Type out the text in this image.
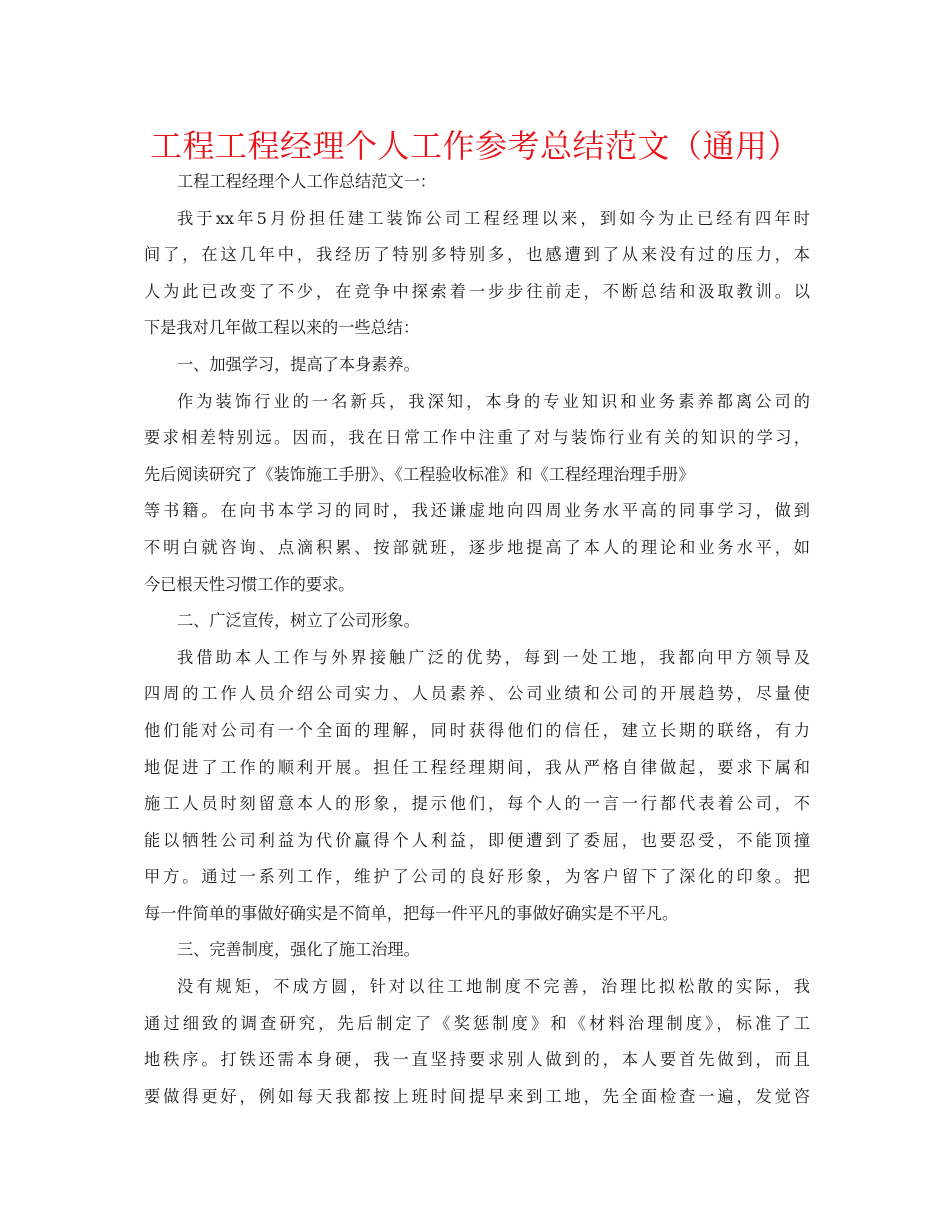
工程工程经理个人工作参考总结范文（通用）
工程工程经理个人工作总结范文一：
我于xx年5月份担任建工装饰公司工程经理以来，到如今为止已经有四年时
间了，在这几年中，我经历了特别多特别多，也感遭到了从来没有过的压力，本
人为此已改变了不少，在竞争中探索着一步步往前走，不断总结和汲取教训。以
下是我对几年做工程以来的一些总结：
一、加强学习，提高了本身素养。
作为装饰行业的一名新兵，我深知，本身的专业知识和业务素养都离公司的
要求相差特别远。因而，我在日常工作中注重了对与装饰行业有关的知识的学习，
先后阅读研究了《装饰施工手册》、《工程验收标准》和《工程经理治理手册》
等书籍。在向书本学习的同时，我还谦虚地向四周业务水平高的同事学习，做到
不明白就咨询、点滴积累、按部就班，逐步地提高了本人的理论和业务水平，如
今已根天性习惯工作的要求。
二、广泛宣传，树立了公司形象。
我借助本人工作与外界接触广泛的优势，每到一处工地，我都向甲方领导及
四周的工作人员介绍公司实力、人员素养、公司业绩和公司的开展趋势，尽量使
他们能对公司有一个全面的理解，同时获得他们的信任，建立长期的联络，有力
地促进了工作的顺利开展。担任工程经理期间，我从严格自律做起，要求下属和
施工人员时刻留意本人的形象，提示他们，每个人的一言一行都代表着公司，不
能以牺牲公司利益为代价赢得个人利益，即便遭到了委屈，也要忍受，不能顶撞
甲方。通过一系列工作，维护了公司的良好形象，为客户留下了深化的印象。把
每一件简单的事做好确实是不简单，把每一件平凡的事做好确实是不平凡。
三、完善制度，强化了施工治理。
没有规矩，不成方圆，针对以往工地制度不完善，治理比拟松散的实际，我
通过细致的调查研究，先后制定了《奖惩制度》和《材料治理制度》，标准了工
地秩序。打铁还需本身硬，我一直坚持要求别人做到的，本人要首先做到，而且
要做得更好，例如每天我都按上班时间提早来到工地，先全面检查一遍，发觉咨
